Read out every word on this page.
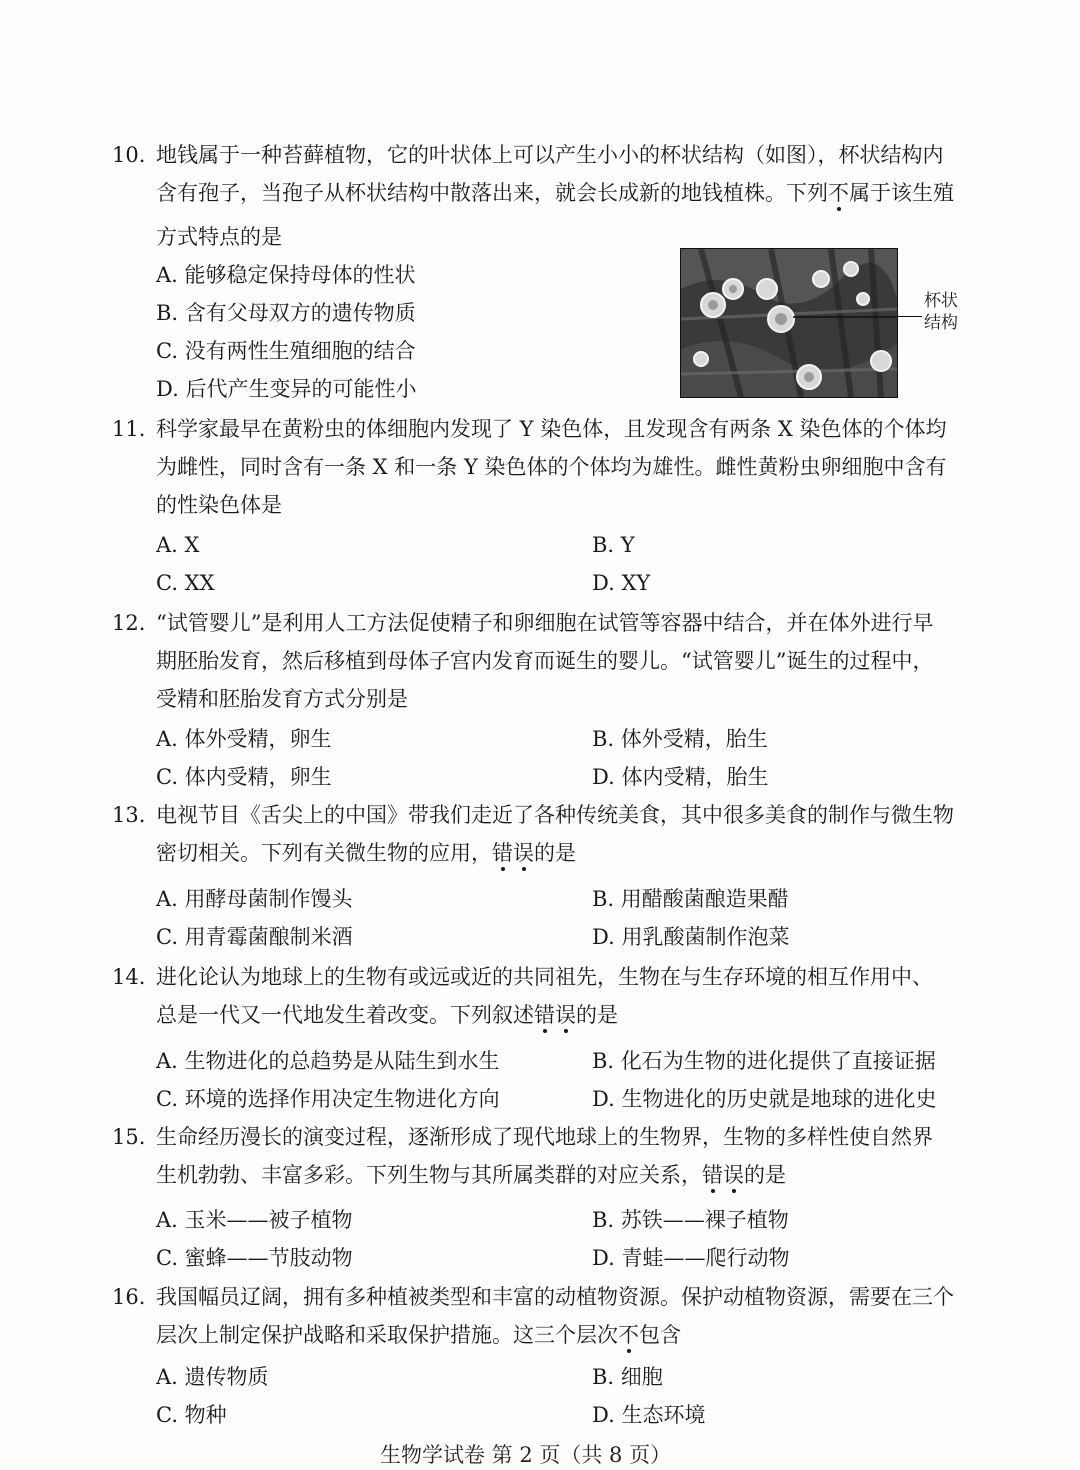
10. 地钱属于一种苔藓植物，它的叶状体上可以产生小小的杯状结构（如图），杯状结构内
含有孢子，当孢子从杯状结构中散落出来，就会长成新的地钱植株。下列不属于该生殖
方式特点的是
A. 能够稳定保持母体的性状
B. 含有父母双方的遗传物质
C. 没有两性生殖细胞的结合
D. 后代产生变异的可能性小
杯状
结构
11. 科学家最早在黄粉虫的体细胞内发现了 Y 染色体，且发现含有两条 X 染色体的个体均
为雌性，同时含有一条 X 和一条 Y 染色体的个体均为雄性。雌性黄粉虫卵细胞中含有
的性染色体是
A. X	B. Y
C. XX	D. XY
12. “试管婴儿”是利用人工方法促使精子和卵细胞在试管等容器中结合，并在体外进行早
期胚胎发育，然后移植到母体子宫内发育而诞生的婴儿。“试管婴儿”诞生的过程中，
受精和胚胎发育方式分别是
A. 体外受精，卵生	B. 体外受精，胎生
C. 体内受精，卵生	D. 体内受精，胎生
13. 电视节目《舌尖上的中国》带我们走近了各种传统美食，其中很多美食的制作与微生物
密切相关。下列有关微生物的应用，错误的是
A. 用酵母菌制作馒头	B. 用醋酸菌酿造果醋
C. 用青霉菌酿制米酒	D. 用乳酸菌制作泡菜
14. 进化论认为地球上的生物有或远或近的共同祖先，生物在与生存环境的相互作用中、
总是一代又一代地发生着改变。下列叙述错误的是
A. 生物进化的总趋势是从陆生到水生	B. 化石为生物的进化提供了直接证据
C. 环境的选择作用决定生物进化方向	D. 生物进化的历史就是地球的进化史
15. 生命经历漫长的演变过程，逐渐形成了现代地球上的生物界，生物的多样性使自然界
生机勃勃、丰富多彩。下列生物与其所属类群的对应关系，错误的是
A. 玉米——被子植物	B. 苏铁——裸子植物
C. 蜜蜂——节肢动物	D. 青蛙——爬行动物
16. 我国幅员辽阔，拥有多种植被类型和丰富的动植物资源。保护动植物资源，需要在三个
层次上制定保护战略和采取保护措施。这三个层次不包含
A. 遗传物质	B. 细胞
C. 物种	D. 生态环境
生物学试卷 第 2 页（共 8 页）
